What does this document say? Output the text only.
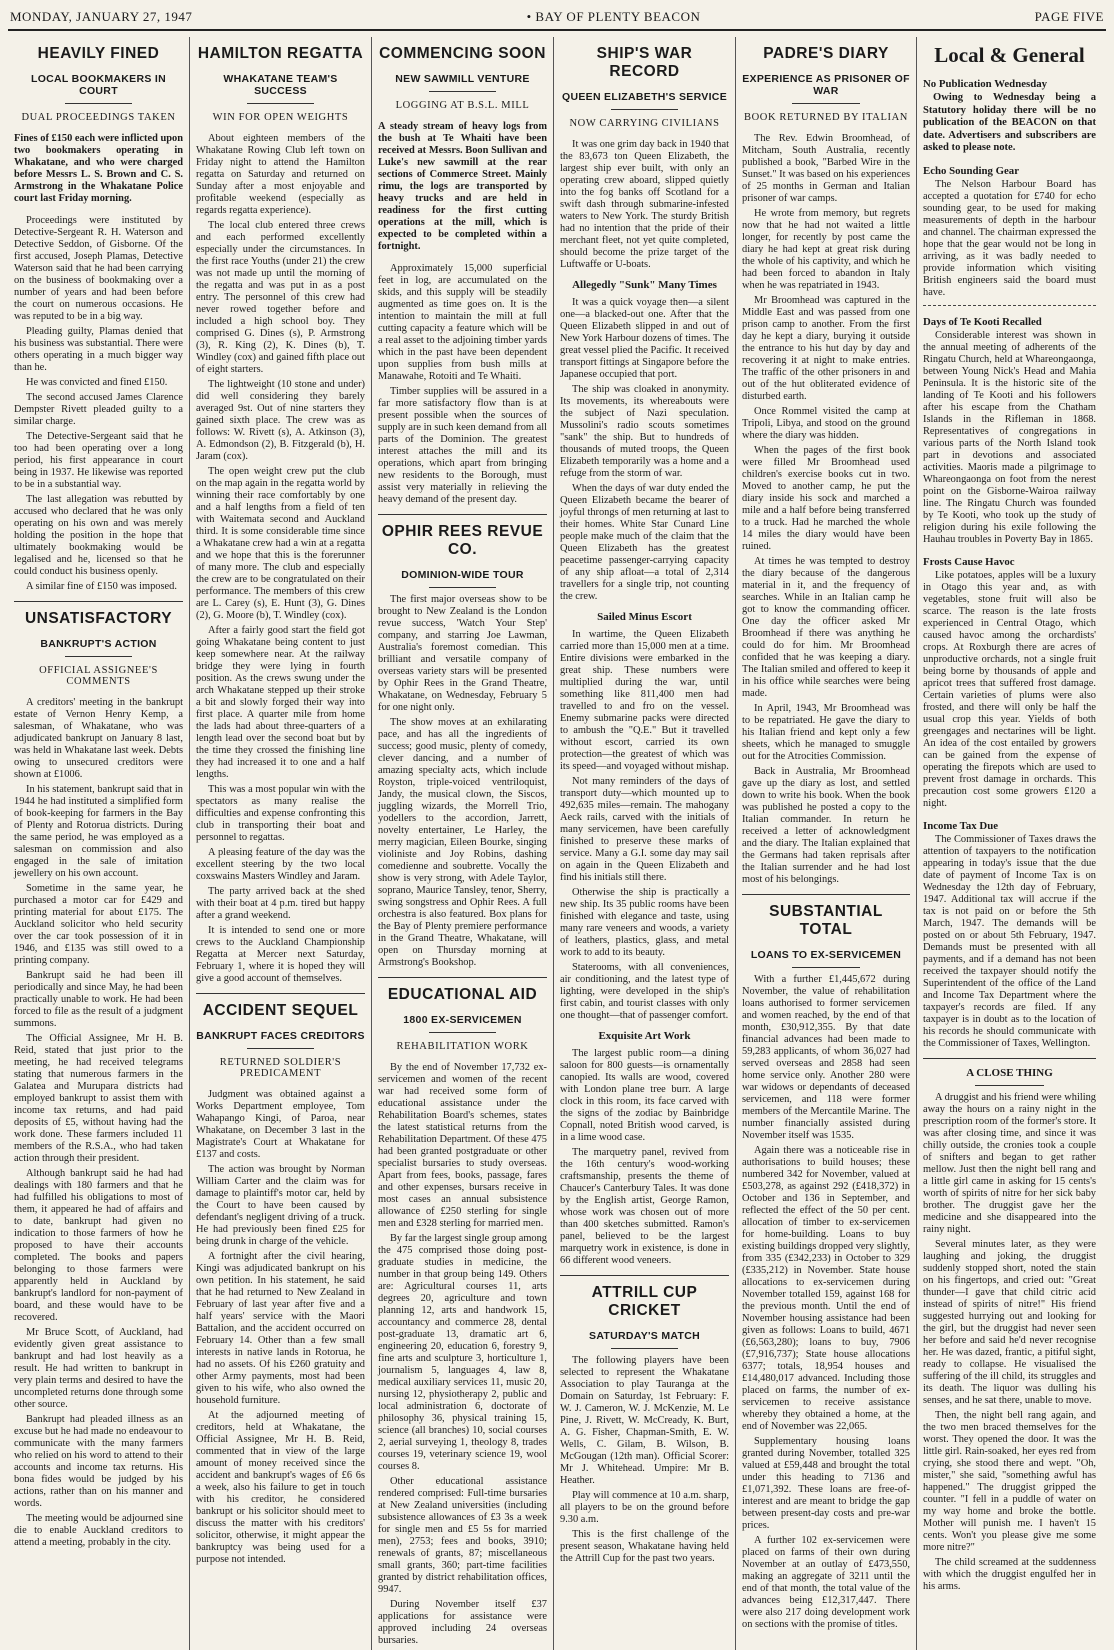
MONDAY, JANUARY 27, 1947
•	BAY OF PLENTY BEACON	PAGE FIVE
HEAVILY FINED
LOCAL BOOKMAKERS IN COURT
DUAL PROCEEDINGS TAKEN

Fines of £150 each were inflicted upon two bookmakers operating in Whakatane, and who were charged before Messrs L. S. Brown and C. S. Armstrong in the Whakatane Police court last Friday morning.

Proceedings were instituted by Detective-Sergeant R. H. Waterson and Detective Seddon, of Gisborne. Of the first accused, Joseph Plamas, Detective Waterson said that he had been carrying on the business of bookmaking over a number of years and had been before the court on numerous occasions. He was reputed to be in a big way.

Pleading guilty, Plamas denied that his business was substantial. There were others operating in a much bigger way than he.

He was convicted and fined £150.

The second accused James Clarence Dempster Rivett pleaded guilty to a similar charge.

The Detective-Sergeant said that he too had been operating over a long period, his first appearance in court being in 1937. He likewise was reported to be in a substantial way.

The last allegation was rebutted by accused who declared that he was only operating on his own and was merely holding the position in the hope that ultimately bookmaking would be legalised and he, licensed so that he could conduct his business openly.

A similar fine of £150 was imposed.

UNSATISFACTORY
BANKRUPT'S ACTION
OFFICIAL ASSIGNEE'S COMMENTS

A creditors' meeting in the bankrupt estate of Vernon Henry Kemp, a salesman, of Whakatane, who was adjudicated bankrupt on January 8 last, was held in Whakatane last week. Debts owing to unsecured creditors were shown at £1006.

In his statement, bankrupt said that in 1944 he had instituted a simplified form of book-keeping for farmers in the Bay of Plenty and Rotorua districts. During the same period, he was employed as a salesman on commission and also engaged in the sale of imitation jewellery on his own account.

Sometime in the same year, he purchased a motor car for £429 and printing material for about £175. The Auckland solicitor who held security over the car took possession of it in 1946, and £135 was still owed to a printing company.

Bankrupt said he had been ill periodically and since May, he had been practically unable to work. He had been forced to file as the result of a judgment summons.

The Official Assignee, Mr H. B. Reid, stated that just prior to the meeting, he had received telegrams stating that numerous farmers in the Galatea and Murupara districts had employed bankrupt to assist them with income tax returns, and had paid deposits of £5, without having had the work done. These farmers included 11 members of the R.S.A., who had taken action through their president.

Although bankrupt said he had had dealings with 180 farmers and that he had fulfilled his obligations to most of them, it appeared he had of affairs and to date, bankrupt had given no indication to those farmers of how he proposed to have their accounts completed. The books and papers belonging to those farmers were apparently held in Auckland by bankrupt's landlord for non-payment of board, and these would have to be recovered.

Mr Bruce Scott, of Auckland, had evidently given great assistance to bankrupt and had lost heavily as a result. He had written to bankrupt in very plain terms and desired to have the uncompleted returns done through some other source.

Bankrupt had pleaded illness as an excuse but he had made no endeavour to communicate with the many farmers who relied on his word to attend to their accounts and income tax returns. His bona fides would be judged by his actions, rather than on his manner and words.

The meeting would be adjourned sine die to enable Auckland creditors to attend a meeting, probably in the city.

HAMILTON REGATTA
WHAKATANE TEAM'S SUCCESS
WIN FOR OPEN WEIGHTS

About eighteen members of the Whakatane Rowing Club left town on Friday night to attend the Hamilton regatta on Saturday and returned on Sunday after a most enjoyable and profitable weekend (especially as regards regatta experience).

The local club entered three crews and each performed excellently especially under the circumstances. In the first race Youths (under 21) the crew was not made up until the morning of the regatta and was put in as a post entry. The personnel of this crew had never rowed together before and included a high school boy. They comprised G. Dines (s), P. Armstrong (3), R. King (2), K. Dines (b), T. Windley (cox) and gained fifth place out of eight starters.

The lightweight (10 stone and under) did well considering they barely averaged 9st. Out of nine starters they gained sixth place. The crew was as follows: W. Rivett (s), A. Atkinson (3), A. Edmondson (2), B. Fitzgerald (b), H. Jaram (cox).

The open weight crew put the club on the map again in the regatta world by winning their race comfortably by one and a half lengths from a field of ten with Waitemata second and Auckland third. It is some considerable time since a Whakatane crew had a win at a regatta and we hope that this is the forerunner of many more. The club and especially the crew are to be congratulated on their performance. The members of this crew are L. Carey (s), E. Hunt (3), G. Dines (2), G. Moore (b), T. Windley (cox).

After a fairly good start the field got going Whakatane being content to just keep somewhere near. At the railway bridge they were lying in fourth position. As the crews swung under the arch Whakatane stepped up their stroke a bit and slowly forged their way into first place. A quarter mile from home the lads had about three-quarters of a length lead over the second boat but by the time they crossed the finishing line they had increased it to one and a half lengths.

This was a most popular win with the spectators as many realise the difficulties and expense confronting this club in transporting their boat and personnel to regattas.

A pleasing feature of the day was the excellent steering by the two local coxswains Masters Windley and Jaram.

The party arrived back at the shed with their boat at 4 p.m. tired but happy after a grand weekend.

It is intended to send one or more crews to the Auckland Championship Regatta at Mercer next Saturday, February 1, where it is hoped they will give a good account of themselves.

ACCIDENT SEQUEL
BANKRUPT FACES CREDITORS
RETURNED SOLDIER'S PREDICAMENT

Judgment was obtained against a Works Department employee, Tom Wahapango Kingi, of Paroa, near Whakatane, on December 3 last in the Magistrate's Court at Whakatane for £137 and costs.

The action was brought by Norman William Carter and the claim was for damage to plaintiff's motor car, held by the Court to have been caused by defendant's negligent driving of a truck. He had previously been fined £25 for being drunk in charge of the vehicle.

A fortnight after the civil hearing, Kingi was adjudicated bankrupt on his own petition. In his statement, he said that he had returned to New Zealand in February of last year after five and a half years' service with the Maori Battalion, and the accident occurred on February 14. Other than a few small interests in native lands in Rotorua, he had no assets. Of his £260 gratuity and other Army payments, most had been given to his wife, who also owned the household furniture.

At the adjourned meeting of creditors, held at Whakatane, the Official Assignee, Mr H. B. Reid, commented that in view of the large amount of money received since the accident and bankrupt's wages of £6 6s a week, also his failure to get in touch with his creditor, he considered bankrupt or his solicitor should meet to discuss the matter with his creditors' solicitor, otherwise, it might appear the bankruptcy was being used for a purpose not intended.

COMMENCING SOON
NEW SAWMILL VENTURE
LOGGING AT B.S.L. MILL

A steady stream of heavy logs from the bush at Te Whaiti have been received at Messrs. Boon Sullivan and Luke's new sawmill at the rear sections of Commerce Street. Mainly rimu, the logs are transported by heavy trucks and are held in readiness for the first cutting operations at the mill, which is expected to be completed within a fortnight.

Approximately 15,000 superficial feet in log, are accumulated on the skids, and this supply will be steadily augmented as time goes on. It is the intention to maintain the mill at full cutting capacity a feature which will be a real asset to the adjoining timber yards which in the past have been dependent upon supplies from bush mills at Manawahe, Rotoiti and Te Whaiti.

Timber supplies will be assured in a far more satisfactory flow than is at present possible when the sources of supply are in such keen demand from all parts of the Dominion. The greatest interest attaches the mill and its operations, which apart from bringing new residents to the Borough, must assist very materially in relieving the heavy demand of the present day.

OPHIR REES REVUE CO.
DOMINION-WIDE TOUR

The first major overseas show to be brought to New Zealand is the London revue success, 'Watch Your Step' company, and starring Joe Lawman, Australia's foremost comedian. This brilliant and versatile company of overseas variety stars will be presented by Ophir Rees in the Grand Theatre, Whakatane, on Wednesday, February 5 for one night only.

The show moves at an exhilarating pace, and has all the ingredients of success; good music, plenty of comedy, clever dancing, and a number of amazing specialty acts, which include Royston, triple-voiced ventriloquist, Jandy, the musical clown, the Siscos, juggling wizards, the Morrell Trio, yodellers to the accordion, Jarrett, novelty entertainer, Le Harley, the merry magician, Eileen Bourke, singing violiniste and Joy Robins, dashing comedienne and soubrette. Vocally the show is very strong, with Adele Taylor, soprano, Maurice Tansley, tenor, Sherry, swing songstress and Ophir Rees. A full orchestra is also featured. Box plans for the Bay of Plenty premiere performance in the Grand Theatre, Whakatane, will open on Thursday morning at Armstrong's Bookshop.

EDUCATIONAL AID
1800 EX-SERVICEMEN
REHABILITATION WORK

By the end of November 17,732 ex-servicemen and women of the recent war had received some form of educational assistance under the Rehabilitation Board's schemes, states the latest statistical returns from the Rehabilitation Department. Of these 475 had been granted postgraduate or other specialist bursaries to study overseas. Apart from fees, books, passage, fares and other expenses, bursars receive in most cases an annual subsistence allowance of £250 sterling for single men and £328 sterling for married men.

By far the largest single group among the 475 comprised those doing post-graduate studies in medicine, the number in that group being 149. Others are: Agricultural courses 11, arts degrees 20, agriculture and town planning 12, arts and handwork 15, accountancy and commerce 28, dental post-graduate 13, dramatic art 6, engineering 20, education 6, forestry 9, fine arts and sculpture 3, horticulture 1, journalism 5, languages 4, law 8, medical auxiliary services 11, music 20, nursing 12, physiotherapy 2, public and local administration 6, doctorate of philosophy 36, physical training 15, science (all branches) 10, social courses 2, aerial surveying 1, theology 8, trades courses 19, veterinary science 19, wool courses 8.

Other educational assistance rendered comprised: Full-time bursaries at New Zealand universities (including subsistence allowances of £3 3s a week for single men and £5 5s for married men), 2753; fees and books, 3910; renewals of grants, 87; miscellaneous small grants, 360; part-time facilities granted by district rehabilitation offices, 9947.

During November itself £37 applications for assistance were approved including 24 overseas bursaries.

SHIP'S WAR RECORD
QUEEN ELIZABETH'S SERVICE
NOW CARRYING CIVILIANS

It was one grim day back in 1940 that the 83,673 ton Queen Elizabeth, the largest ship ever built, with only an operating crew aboard, slipped quietly into the fog banks off Scotland for a swift dash through submarine-infested waters to New York. The sturdy British had no intention that the pride of their merchant fleet, not yet quite completed, should become the prize target of the Luftwaffe or U-boats.

Allegedly "Sunk" Many Times

It was a quick voyage then—a silent one—a blacked-out one. After that the Queen Elizabeth slipped in and out of New York Harbour dozens of times. The great vessel plied the Pacific. It received transport fittings at Singapore before the Japanese occupied that port.

The ship was cloaked in anonymity. Its movements, its whereabouts were the subject of Nazi speculation. Mussolini's radio scouts sometimes "sank" the ship. But to hundreds of thousands of muted troops, the Queen Elizabeth temporarily was a home and a refuge from the storm of war.

When the days of war duty ended the Queen Elizabeth became the bearer of joyful throngs of men returning at last to their homes. White Star Cunard Line people make much of the claim that the Queen Elizabeth has the greatest peacetime passenger-carrying capacity of any ship afloat—a total of 2,314 travellers for a single trip, not counting the crew.

Sailed Minus Escort

In wartime, the Queen Elizabeth carried more than 15,000 men at a time. Entire divisions were embarked in the great ship. These numbers were multiplied during the war, until something like 811,400 men had travelled to and fro on the vessel. Enemy submarine packs were directed to ambush the "Q.E." But it travelled without escort, carried its own protection—the greatest of which was its speed—and voyaged without mishap.

Not many reminders of the days of transport duty—which mounted up to 492,635 miles—remain. The mahogany Aeck rails, carved with the initials of many servicemen, have been carefully finished to preserve these marks of service. Many a G.I. some day may sail on again in the Queen Elizabeth and find his initials still there.

Otherwise the ship is practically a new ship. Its 35 public rooms have been finished with elegance and taste, using many rare veneers and woods, a variety of leathers, plastics, glass, and metal work to add to its beauty.

Staterooms, with all conveniences, air conditioning, and the latest type of lighting, were developed in the ship's first cabin, and tourist classes with only one thought—that of passenger comfort.

Exquisite Art Work

The largest public room—a dining saloon for 800 guests—is ornamentally canopied. Its walls are wood, covered with London plane tree burr. A large clock in this room, its face carved with the signs of the zodiac by Bainbridge Copnall, noted British wood carved, is in a lime wood case.

The marquetry panel, revived from the 16th century's wood-working craftsmanship, presents the theme of Chaucer's Canterbury Tales. It was done by the English artist, George Ramon, whose work was chosen out of more than 400 sketches submitted. Ramon's panel, believed to be the largest marquetry work in existence, is done in 66 different wood veneers.

ATTRILL CUP CRICKET
SATURDAY'S MATCH

The following players have been selected to represent the Whakatane Association to play Tauranga at the Domain on Saturday, 1st February: F. W. J. Cameron, W. J. McKenzie, M. Le Pine, J. Rivett, W. McCready, K. Burt, A. G. Fisher, Chapman-Smith, E. W. Wells, C. Gilam, B. Wilson, B. McGougan (12th man). Official Scorer: Mr J. Whitehead. Umpire: Mr B. Heather.

Play will commence at 10 a.m. sharp, all players to be on the ground before 9.30 a.m.

This is the first challenge of the present season, Whakatane having held the Attrill Cup for the past two years.

PADRE'S DIARY
EXPERIENCE AS PRISONER OF WAR
BOOK RETURNED BY ITALIAN

The Rev. Edwin Broomhead, of Mitcham, South Australia, recently published a book, "Barbed Wire in the Sunset." It was based on his experiences of 25 months in German and Italian prisoner of war camps.

He wrote from memory, but regrets now that he had not waited a little longer, for recently by post came the diary he had kept at great risk during the whole of his captivity, and which he had been forced to abandon in Italy when he was repatriated in 1943.

Mr Broomhead was captured in the Middle East and was passed from one prison camp to another. From the first day he kept a diary, burying it outside the entrance to his hut day by day and recovering it at night to make entries. The traffic of the other prisoners in and out of the hut obliterated evidence of disturbed earth.

Once Rommel visited the camp at Tripoli, Libya, and stood on the ground where the diary was hidden.

When the pages of the first book were filled Mr Broomhead used children's exercise books cut in two. Moved to another camp, he put the diary inside his sock and marched a mile and a half before being transferred to a truck. Had he marched the whole 14 miles the diary would have been ruined.

At times he was tempted to destroy the diary because of the dangerous material in it, and the frequency of searches. While in an Italian camp he got to know the commanding officer. One day the officer asked Mr Broomhead if there was anything he could do for him. Mr Broomhead confided that he was keeping a diary. The Italian smiled and offered to keep it in his office while searches were being made.

In April, 1943, Mr Broomhead was to be repatriated. He gave the diary to his Italian friend and kept only a few sheets, which he managed to smuggle out for the Atrocities Commission.

Back in Australia, Mr Broomhead gave up the diary as lost, and settled down to write his book. When the book was published he posted a copy to the Italian commander. In return he received a letter of acknowledgment and the diary. The Italian explained that the Germans had taken reprisals after the Italian surrender and he had lost most of his belongings.

SUBSTANTIAL TOTAL
LOANS TO EX-SERVICEMEN

With a further £1,445,672 during November, the value of rehabilitation loans authorised to former servicemen and women reached, by the end of that month, £30,912,355. By that date financial advances had been made to 59,283 applicants, of whom 36,027 had served overseas and 2858 had seen home service only. Another 280 were war widows or dependants of deceased servicemen, and 118 were former members of the Mercantile Marine. The number financially assisted during November itself was 1535.

Again there was a noticeable rise in authorisations to build houses; these numbered 342 for November, valued at £503,278, as against 292 (£418,372) in October and 136 in September, and reflected the effect of the 50 per cent. allocation of timber to ex-servicemen for home-building. Loans to buy existing buildings dropped very slightly, from 335 (£342,233) in October to 329 (£335,212) in November. State house allocations to ex-servicemen during November totalled 159, against 168 for the previous month. Until the end of November housing assistance had been given as follows: Loans to build, 4671 (£6,563,280); loans to buy, 7906 (£7,916,737); State house allocations 6377; totals, 18,954 houses and £14,480,017 advanced. Including those placed on farms, the number of ex-servicemen to receive assistance whereby they obtained a home, at the end of November was 22,065.

Supplementary housing loans granted during November, totalled 325 valued at £59,448 and brought the total under this heading to 7136 and £1,071,392. These loans are free-of-interest and are meant to bridge the gap between present-day costs and pre-war prices.

A further 102 ex-servicemen were placed on farms of their own during November at an outlay of £473,550, making an aggregate of 3211 until the end of that month, the total value of the advances being £12,317,447. There were also 217 doing development work on sections with the promise of titles.

Local & General
No Publication Wednesday

Owing to Wednesday being a Statutory holiday there will be no publication of the BEACON on that date. Advertisers and subscribers are asked to please note.

Echo Sounding Gear

The Nelson Harbour Board has accepted a quotation for £740 for echo sounding gear, to be used for making measurements of depth in the harbour and channel. The chairman expressed the hope that the gear would not be long in arriving, as it was badly needed to provide information which visiting British engineers said the board must have.

Days of Te Kooti Recalled

Considerable interest was shown in the annual meeting of adherents of the Ringatu Church, held at Whareongaonga, between Young Nick's Head and Mahia Peninsula. It is the historic site of the landing of Te Kooti and his followers after his escape from the Chatham Islands in the Rifleman in 1868. Representatives of congregations in various parts of the North Island took part in devotions and associated activities. Maoris made a pilgrimage to Whareongaonga on foot from the nerest point on the Gisborne-Wairoa railway line. The Ringatu Church was founded by Te Kooti, who took up the study of religion during his exile following the Hauhau troubles in Poverty Bay in 1865.

Frosts Cause Havoc

Like potatoes, apples will be a luxury in Otago this year and, as with vegetables, stone fruit will also be scarce. The reason is the late frosts experienced in Central Otago, which caused havoc among the orchardists' crops. At Roxburgh there are acres of unproductive orchards, not a single fruit being borne by thousands of apple and apricot trees that suffered frost damage. Certain varieties of plums were also frosted, and there will only be half the usual crop this year. Yields of both greengages and nectarines will be light. An idea of the cost entailed by growers can be gained from the expense of operating the firepots which are used to prevent frost damage in orchards. This precaution cost some growers £120 a night.

Income Tax Due

The Commissioner of Taxes draws the attention of taxpayers to the notification appearing in today's issue that the due date of payment of Income Tax is on Wednesday the 12th day of February, 1947. Additional tax will accrue if the tax is not paid on or before the 5th March, 1947. The demands will be posted on or about 5th February, 1947. Demands must be presented with all payments, and if a demand has not been received the taxpayer should notify the Superintendent of the office of the Land and Income Tax Department where the taxpayer's records are filed. If any taxpayer is in doubt as to the location of his records he should communicate with the Commissioner of Taxes, Wellington.

A CLOSE THING

A druggist and his friend were whiling away the hours on a rainy night in the prescription room of the former's store. It was after closing time, and since it was chilly outside, the cronies took a couple of snifters and began to get rather mellow. Just then the night bell rang and a little girl came in asking for 15 cents's worth of spirits of nitre for her sick baby brother. The druggist gave her the medicine and she disappeared into the rainy night.

Several minutes later, as they were laughing and joking, the druggist suddenly stopped short, noted the stain on his fingertops, and cried out: "Great thunder—I gave that child citric acid instead of spirits of nitre!" His friend suggested hurrying out and looking for the girl, but the druggist had never seen her before and said he'd never recognise her. He was dazed, frantic, a pitiful sight, ready to collapse. He visualised the suffering of the ill child, its struggles and its death. The liquor was dulling his senses, and he sat there, unable to move.

Then, the night bell rang again, and the two men braced themselves for the worst. They opened the door. It was the little girl. Rain-soaked, her eyes red from crying, she stood there and wept. "Oh, mister," she said, "something awful has happened." The druggist gripped the counter. "I fell in a puddle of water on my way home and broke the bottle. Mother will punish me. I haven't 15 cents. Won't you please give me some more nitre?"

The child screamed at the suddenness with which the druggist engulfed her in his arms.
